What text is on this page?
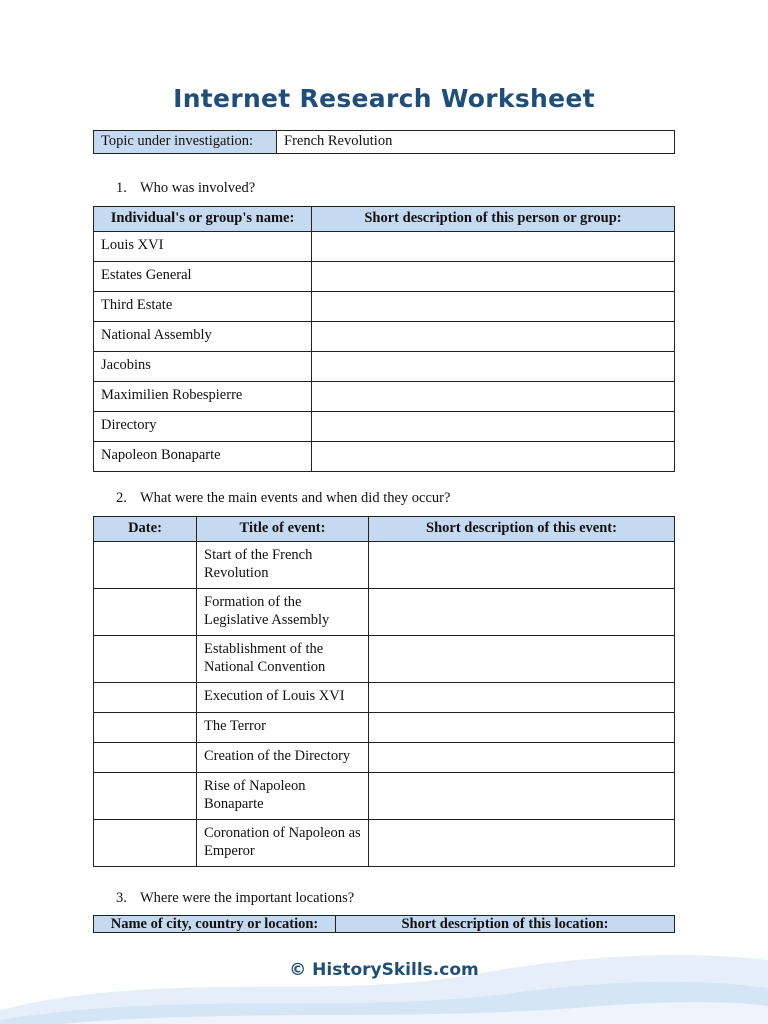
Internet Research Worksheet
Topic under investigation:	French Revolution
1. Who was involved?
Individual's or group's name:	Short description of this person or group:
Louis XVI	
Estates General	
Third Estate	
National Assembly	
Jacobins	
Maximilien Robespierre	
Directory	
Napoleon Bonaparte	
2. What were the main events and when did they occur?
Date:	Title of event:	Short description of this event:
	Start of the French Revolution	
	Formation of the Legislative Assembly	
	Establishment of the National Convention	
	Execution of Louis XVI	
	The Terror	
	Creation of the Directory	
	Rise of Napoleon Bonaparte	
	Coronation of Napoleon as Emperor	
3. Where were the important locations?
Name of city, country or location:	Short description of this location:
© HistorySkills.com
